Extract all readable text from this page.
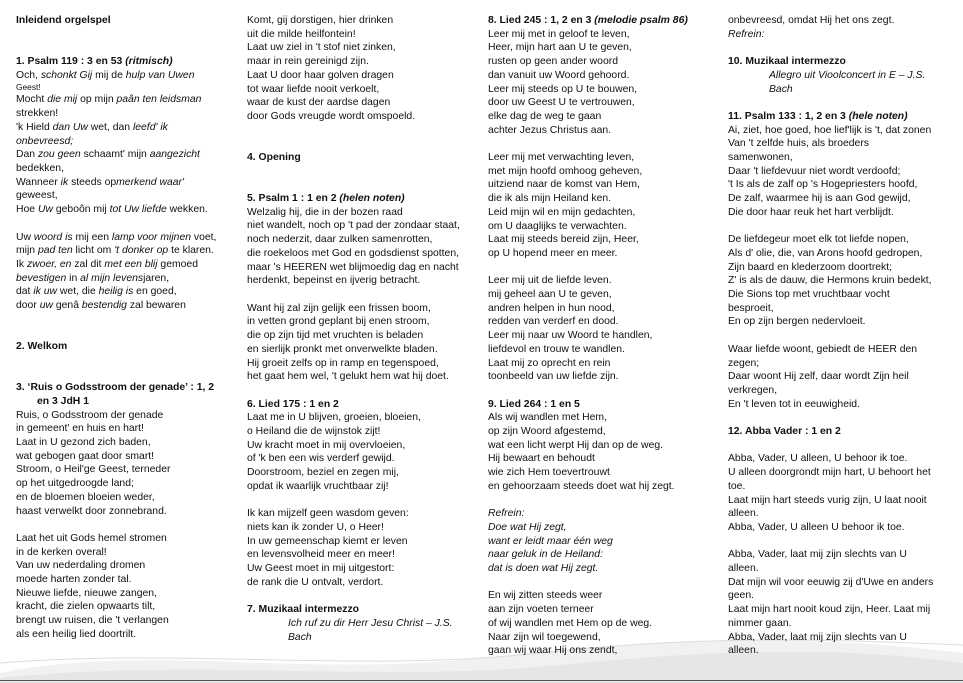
Inleidend orgelspel
1. Psalm 119 : 3 en 53 (ritmisch)
Och, schonkt Gij mij de hulp van Uwen
Geest!
Mocht die mij op mijn paân ten leidsman
strekken!
'k Hield dan Uw wet, dan leefd' ik
onbevreesd;
Dan zou geen schaamt' mijn aangezicht
bedekken,
Wanneer ik steeds opmerkend waar'
geweest,
Hoe Uw geboôn mij tot Uw liefde wekken.
Uw woord is mij een lamp voor mijnen voet,
mijn pad ten licht om 't donker op te klaren.
Ik zwoer, en zal dit met een blij gemoed
bevestigen in al mijn levensjaren,
dat ik uw wet, die heilig is en goed,
door uw genâ bestendig zal bewaren
2. Welkom
3. ‘Ruis o Godsstroom der genade’ : 1, 2
en 3 JdH 1
Ruis, o Godsstroom der genade
in gemeent' en huis en hart!
Laat in U gezond zich baden,
wat gebogen gaat door smart!
Stroom, o Heil'ge Geest, terneder
op het uitgedroogde land;
en de bloemen bloeien weder,
haast verwelkt door zonnebrand.
Laat het uit Gods hemel stromen
in de kerken overal!
Van uw nederdaling dromen
moede harten zonder tal.
Nieuwe liefde, nieuwe zangen,
kracht, die zielen opwaarts tilt,
brengt uw ruisen, die 't verlangen
als een heilig lied doortrilt.
Komt, gij dorstigen, hier drinken
uit die milde heilfontein!
Laat uw ziel in 't stof niet zinken,
maar in rein gereinigd zijn.
Laat U door haar golven dragen
tot waar liefde nooit verkoelt,
waar de kust der aardse dagen
door Gods vreugde wordt omspoeld.
4. Opening
5. Psalm 1 : 1 en 2 (helen noten)
Welzalig hij, die in der bozen raad
niet wandelt, noch op 't pad der zondaar staat,
noch nederzit, daar zulken samenrotten,
die roekeloos met God en godsdienst spotten,
maar 's HEEREN wet blijmoedig dag en nacht
herdenkt, bepeinst en ijverig betracht.
Want hij zal zijn gelijk een frissen boom,
in vetten grond geplant bij enen stroom,
die op zijn tijd met vruchten is beladen
en sierlijk pronkt met onverwelkte bladen.
Hij groeit zelfs op in ramp en tegenspoed,
het gaat hem wel, 't gelukt hem wat hij doet.
6. Lied 175 : 1 en 2
Laat me in U blijven, groeien, bloeien,
o Heiland die de wijnstok zijt!
Uw kracht moet in mij overvloeien,
of 'k ben een wis verderf gewijd.
Doorstroom, beziel en zegen mij,
opdat ik waarlijk vruchtbaar zij!
Ik kan mijzelf geen wasdom geven:
niets kan ik zonder U, o Heer!
In uw gemeenschap kiemt er leven
en levensvolheid meer en meer!
Uw Geest moet in mij uitgestort:
de rank die U ontvalt, verdort.
7. Muzikaal intermezzo
Ich ruf zu dir Herr Jesu Christ – J.S.
Bach
8. Lied 245 : 1, 2 en 3 (melodie psalm 86)
Leer mij met in geloof te leven,
Heer, mijn hart aan U te geven,
rusten op geen ander woord
dan vanuit uw Woord gehoord.
Leer mij steeds op U te bouwen,
door uw Geest U te vertrouwen,
elke dag de weg te gaan
achter Jezus Christus aan.
Leer mij met verwachting leven,
met mijn hoofd omhoog geheven,
uitziend naar de komst van Hem,
die ik als mijn Heiland ken.
Leid mijn wil en mijn gedachten,
om U daaglijks te verwachten.
Laat mij steeds bereid zijn, Heer,
op U hopend meer en meer.
Leer mij uit de liefde leven.
mij geheel aan U te geven,
andren helpen in hun nood,
redden van verderf en dood.
Leer mij naar uw Woord te handlen,
liefdevol en trouw te wandlen.
Laat mij zo oprecht en rein
toonbeeld van uw liefde zijn.
9. Lied 264 : 1 en 5
Als wij wandlen met Hem,
op zijn Woord afgestemd,
wat een licht werpt Hij dan op de weg.
Hij bewaart en behoudt
wie zich Hem toevertrouwt
en gehoorzaam steeds doet wat hij zegt.
Refrein:
Doe wat Hij zegt,
want er leidt maar één weg
naar geluk in de Heiland:
dat is doen wat Hij zegt.
En wij zitten steeds weer
aan zijn voeten terneer
of wij wandlen met Hem op de weg.
Naar zijn wil toegewend,
gaan wij waar Hij ons zendt,
onbevreesd, omdat Hij het ons zegt.
Refrein:
10. Muzikaal intermezzo
Allegro uit Vioolconcert in E – J.S.
Bach
11. Psalm 133 : 1, 2 en 3 (hele noten)
Ai, ziet, hoe goed, hoe lief'lijk is 't, dat zonen
Van 't zelfde huis, als broeders
samenwonen,
Daar 't liefdevuur niet wordt verdoofd;
't Is als de zalf op 's Hogepriesters hoofd,
De zalf, waarmee hij is aan God gewijd,
Die door haar reuk het hart verblijdt.
De liefdegeur moet elk tot liefde nopen,
Als d' olie, die, van Arons hoofd gedropen,
Zijn baard en klederzoom doortrekt;
Z' is als de dauw, die Hermons kruin bedekt,
Die Sions top met vruchtbaar vocht
besproeit,
En op zijn bergen nedervloeit.
Waar liefde woont, gebiedt de HEER den
zegen;
Daar woont Hij zelf, daar wordt Zijn heil
verkregen,
En 't leven tot in eeuwigheid.
12. Abba Vader : 1 en 2
Abba, Vader, U alleen, U behoor ik toe.
U alleen doorgrondt mijn hart, U behoort het
toe.
Laat mijn hart steeds vurig zijn, U laat nooit
alleen.
Abba, Vader, U alleen U behoor ik toe.
Abba, Vader, laat mij zijn slechts van U
alleen.
Dat mijn wil voor eeuwig zij d'Uwe en anders
geen.
Laat mijn hart nooit koud zijn, Heer. Laat mij
nimmer gaan.
Abba, Vader, laat mij zijn slechts van U
alleen.
